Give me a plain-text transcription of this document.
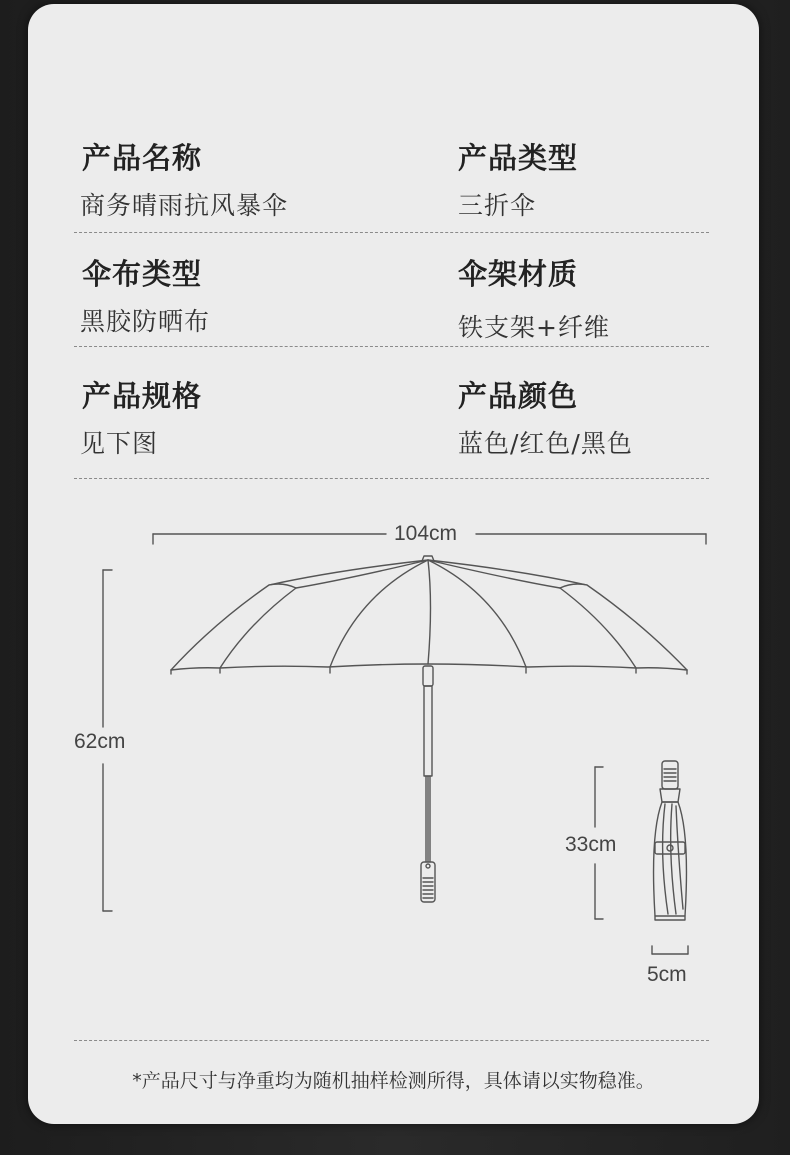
产品名称
商务晴雨抗风暴伞
产品类型
三折伞
伞布类型
黑胶防晒布
伞架材质
铁支架+纤维
产品规格
见下图
产品颜色
蓝色/红色/黑色
104cm
62cm
33cm
5cm
*产品尺寸与净重均为随机抽样检测所得，具体请以实物稳准。
